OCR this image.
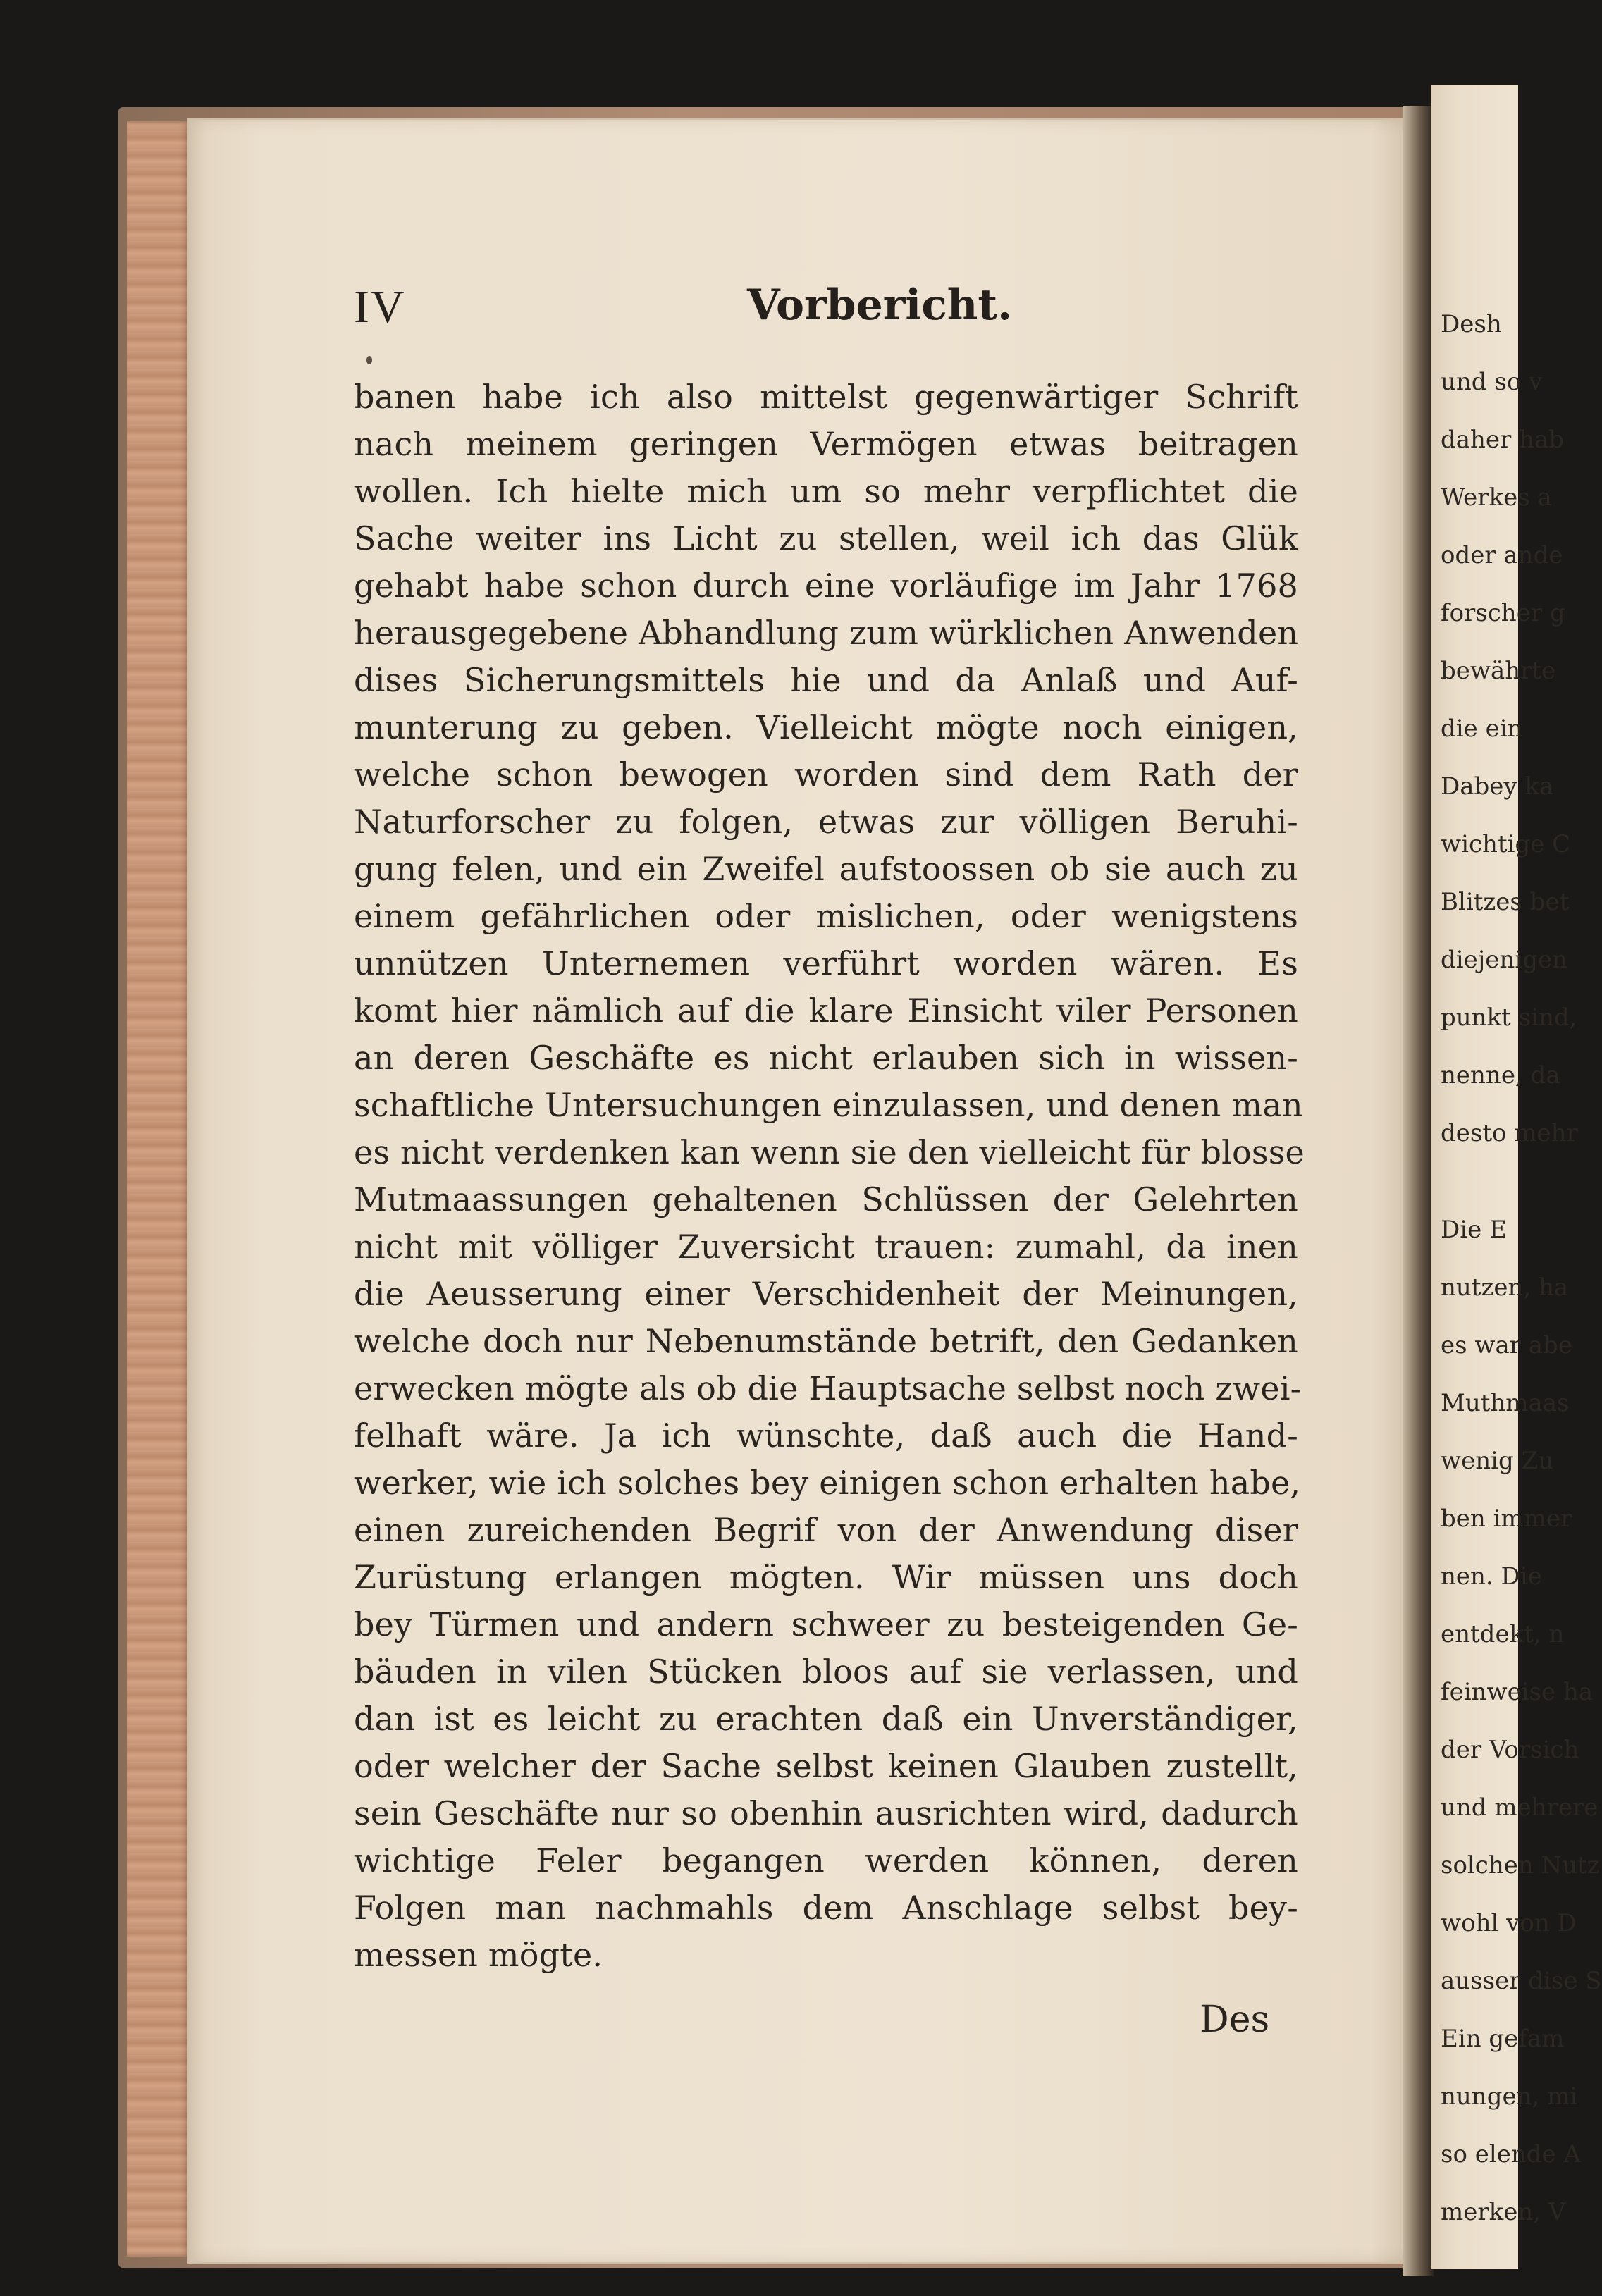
IV	Vorbericht.
banen habe ich also mittelst gegenwärtiger Schrift
nach meinem geringen Vermögen etwas beitragen
wollen. Ich hielte mich um so mehr verpflichtet die
Sache weiter ins Licht zu stellen, weil ich das Glük
gehabt habe schon durch eine vorläufige im Jahr 1768
herausgegebene Abhandlung zum würklichen Anwenden
dises Sicherungsmittels hie und da Anlaß und Auf-
munterung zu geben. Vielleicht mögte noch einigen,
welche schon bewogen worden sind dem Rath der
Naturforscher zu folgen, etwas zur völligen Beruhi-
gung felen, und ein Zweifel aufstoossen ob sie auch zu
einem gefährlichen oder mislichen, oder wenigstens
unnützen Unternemen verführt worden wären. Es
komt hier nämlich auf die klare Einsicht viler Personen
an deren Geschäfte es nicht erlauben sich in wissen-
schaftliche Untersuchungen einzulassen, und denen man
es nicht verdenken kan wenn sie den vielleicht für blosse
Mutmaassungen gehaltenen Schlüssen der Gelehrten
nicht mit völliger Zuversicht trauen: zumahl, da inen
die Aeusserung einer Verschidenheit der Meinungen,
welche doch nur Nebenumstände betrift, den Gedanken
erwecken mögte als ob die Hauptsache selbst noch zwei-
felhaft wäre. Ja ich wünschte, daß auch die Hand-
werker, wie ich solches bey einigen schon erhalten habe,
einen zureichenden Begrif von der Anwendung diser
Zurüstung erlangen mögten. Wir müssen uns doch
bey Türmen und andern schweer zu besteigenden Ge-
bäuden in vilen Stücken bloos auf sie verlassen, und
dan ist es leicht zu erachten daß ein Unverständiger,
oder welcher der Sache selbst keinen Glauben zustellt,
sein Geschäfte nur so obenhin ausrichten wird, dadurch
wichtige Feler begangen werden können, deren
Folgen man nachmahls dem Anschlage selbst bey-
messen mögte.
Des
Desh
und so v
daher hab
Werkes a
oder ande
forscher g
bewährte
die ein
Dabey ka
wichtige C
Blitzes bet
diejenigen
punkt sind,
nenne, da
desto mehr
Die E
nutzen, ha
es war abe
Muthmaas
wenig Zu
ben immer
nen. Die
entdekt, n
feinweise ha
der Vorsich
und mehrere
solchen Nutz
wohl von D
ausser dise S
Ein gefam
nungen, mi
so elende A
merken, V
